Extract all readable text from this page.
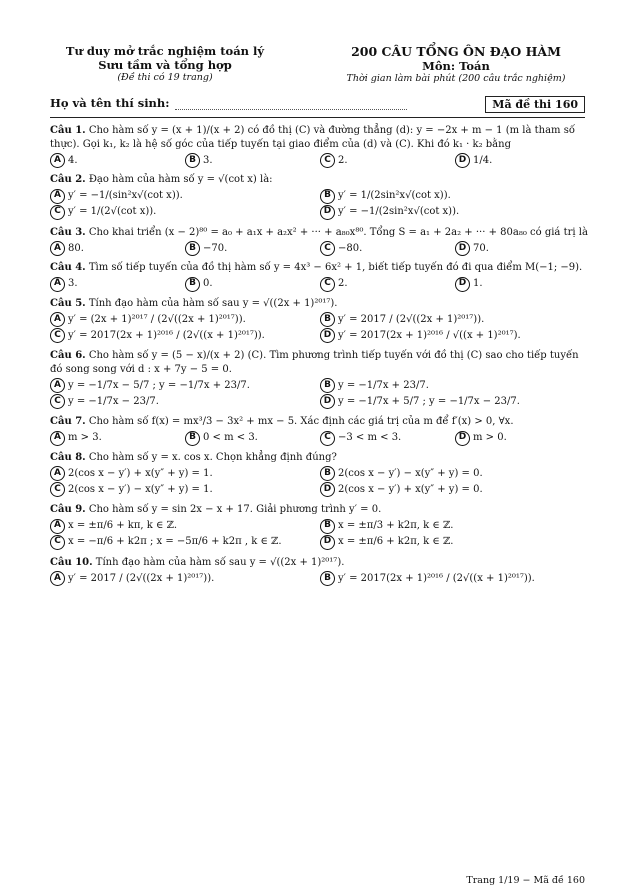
Tư duy mở trắc nghiệm toán lý
Sưu tầm và tổng hợp
(Đề thi có 19 trang)
200 CÂU TỔNG ÔN ĐẠO HÀM
Môn: Toán
Thời gian làm bài phút (200 câu trắc nghiệm)
Họ và tên thí sinh:	Mã đề thi 160
Câu 1. Cho hàm số y = (x + 1)/(x + 2) có đồ thị (C) và đường thẳng (d): y = −2x + m − 1 (m là tham số thực). Gọi k₁, k₂ là hệ số góc của tiếp tuyến tại giao điểm của (d) và (C). Khi đó k₁ · k₂ bằng
A 4.	B 3.	C 2.	D 1/4.
Câu 2. Đạo hàm của hàm số y = √(cot x) là:
A y′ = −1/(sin²x√(cot x)).	B y′ = 1/(2sin²x√(cot x)).
C y′ = 1/(2√(cot x)).	D y′ = −1/(2sin²x√(cot x)).
Câu 3. Cho khai triển (x − 2)⁸⁰ = a₀ + a₁x + a₂x² + ··· + a₈₀x⁸⁰. Tổng S = a₁ + 2a₂ + ··· + 80a₈₀ có giá trị là
A 80.	B −70.	C −80.	D 70.
Câu 4. Tìm số tiếp tuyến của đồ thị hàm số y = 4x³ − 6x² + 1, biết tiếp tuyến đó đi qua điểm M(−1; −9).
A 3.	B 0.	C 2.	D 1.
Câu 5. Tính đạo hàm của hàm số sau y = √((2x + 1)²⁰¹⁷).
A y′ = (2x + 1)²⁰¹⁷ / (2√((2x + 1)²⁰¹⁷)).	B y′ = 2017 / (2√((2x + 1)²⁰¹⁷)).
C y′ = 2017(2x + 1)²⁰¹⁶ / (2√((x + 1)²⁰¹⁷)).	D y′ = 2017(2x + 1)²⁰¹⁶ / √((x + 1)²⁰¹⁷).
Câu 6. Cho hàm số y = (5 − x)/(x + 2) (C). Tìm phương trình tiếp tuyến với đồ thị (C) sao cho tiếp tuyến đó song song với d : x + 7y − 5 = 0.
A y = −1/7x − 5/7 ; y = −1/7x + 23/7.	B y = −1/7x + 23/7.
C y = −1/7x − 23/7.	D y = −1/7x + 5/7 ; y = −1/7x − 23/7.
Câu 7. Cho hàm số f(x) = mx³/3 − 3x² + mx − 5. Xác định các giá trị của m để f′(x) > 0, ∀x.
A m > 3.	B 0 < m < 3.	C −3 < m < 3.	D m > 0.
Câu 8. Cho hàm số y = x. cos x. Chọn khẳng định đúng?
A 2(cos x − y′) + x(y″ + y) = 1.	B 2(cos x − y′) − x(y″ + y) = 0.
C 2(cos x − y′) − x(y″ + y) = 1.	D 2(cos x − y′) + x(y″ + y) = 0.
Câu 9. Cho hàm số y = sin 2x − x + 17. Giải phương trình y′ = 0.
A x = ±π/6 + kπ, k ∈ ℤ.	B x = ±π/3 + k2π, k ∈ ℤ.
C x = −π/6 + k2π ; x = −5π/6 + k2π , k ∈ ℤ.	D x = ±π/6 + k2π, k ∈ ℤ.
Câu 10. Tính đạo hàm của hàm số sau y = √((2x + 1)²⁰¹⁷).
A y′ = 2017 / (2√((2x + 1)²⁰¹⁷)).	B y′ = 2017(2x + 1)²⁰¹⁶ / (2√((x + 1)²⁰¹⁷)).
Trang 1/19 − Mã đề 160
